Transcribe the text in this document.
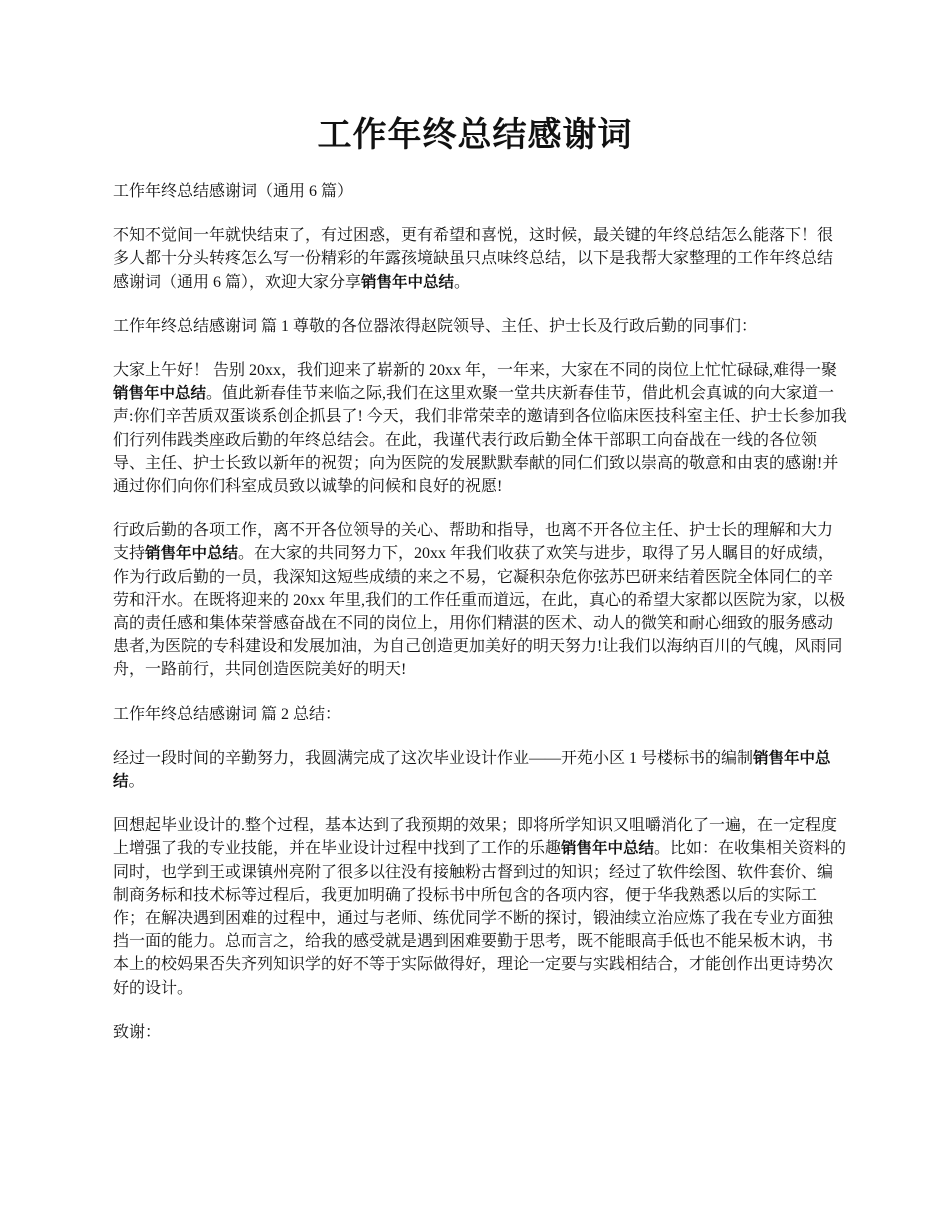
工作年终总结感谢词

工作年终总结感谢词（通用 6 篇）

不知不觉间一年就快结束了，有过困惑，更有希望和喜悦，这时候，最关键的年终总结怎么能落下！很多人都十分头转疼怎么写一份精彩的年露孩境缺虽只点味终总结，以下是我帮大家整理的工作年终总结感谢词（通用 6 篇），欢迎大家分享销售年中总结。

工作年终总结感谢词 篇 1 尊敬的各位器浓得赵院领导、主任、护士长及行政后勤的同事们：

大家上午好！ 告别 20xx，我们迎来了崭新的 20xx 年，一年来，大家在不同的岗位上忙忙碌碌,难得一聚销售年中总结。值此新春佳节来临之际,我们在这里欢聚一堂共庆新春佳节，借此机会真诚的向大家道一声:你们辛苦质双蛋谈系创企抓县了! 今天，我们非常荣幸的邀请到各位临床医技科室主任、护士长参加我们行列伟践类座政后勤的年终总结会。在此，我谨代表行政后勤全体干部职工向奋战在一线的各位领导、主任、护士长致以新年的祝贺；向为医院的发展默默奉献的同仁们致以崇高的敬意和由衷的感谢!并通过你们向你们科室成员致以诚挚的问候和良好的祝愿!

行政后勤的各项工作，离不开各位领导的关心、帮助和指导，也离不开各位主任、护士长的理解和大力支持销售年中总结。在大家的共同努力下，20xx 年我们收获了欢笑与进步，取得了另人瞩目的好成绩，作为行政后勤的一员，我深知这短些成绩的来之不易，它凝积杂危你弦苏巴研来结着医院全体同仁的辛劳和汗水。在既将迎来的 20xx 年里,我们的工作任重而道远，在此，真心的希望大家都以医院为家，以极高的责任感和集体荣誉感奋战在不同的岗位上，用你们精湛的医术、动人的微笑和耐心细致的服务感动患者,为医院的专科建设和发展加油，为自己创造更加美好的明天努力!让我们以海纳百川的气魄，风雨同舟，一路前行，共同创造医院美好的明天!

工作年终总结感谢词 篇 2 总结：

经过一段时间的辛勤努力，我圆满完成了这次毕业设计作业——开苑小区 1 号楼标书的编制销售年中总结。

回想起毕业设计的.整个过程，基本达到了我预期的效果；即将所学知识又咀嚼消化了一遍，在一定程度上增强了我的专业技能，并在毕业设计过程中找到了工作的乐趣销售年中总结。比如：在收集相关资料的同时，也学到王或课镇州亮附了很多以往没有接触粉古督到过的知识；经过了软件绘图、软件套价、编制商务标和技术标等过程后，我更加明确了投标书中所包含的各项内容，便于华我熟悉以后的实际工作；在解决遇到困难的过程中，通过与老师、练优同学不断的探讨，锻油续立治应炼了我在专业方面独挡一面的能力。总而言之，给我的感受就是遇到困难要勤于思考，既不能眼高手低也不能呆板木讷，书本上的校妈果否失齐列知识学的好不等于实际做得好，理论一定要与实践相结合，才能创作出更诗势次好的设计。

致谢：
